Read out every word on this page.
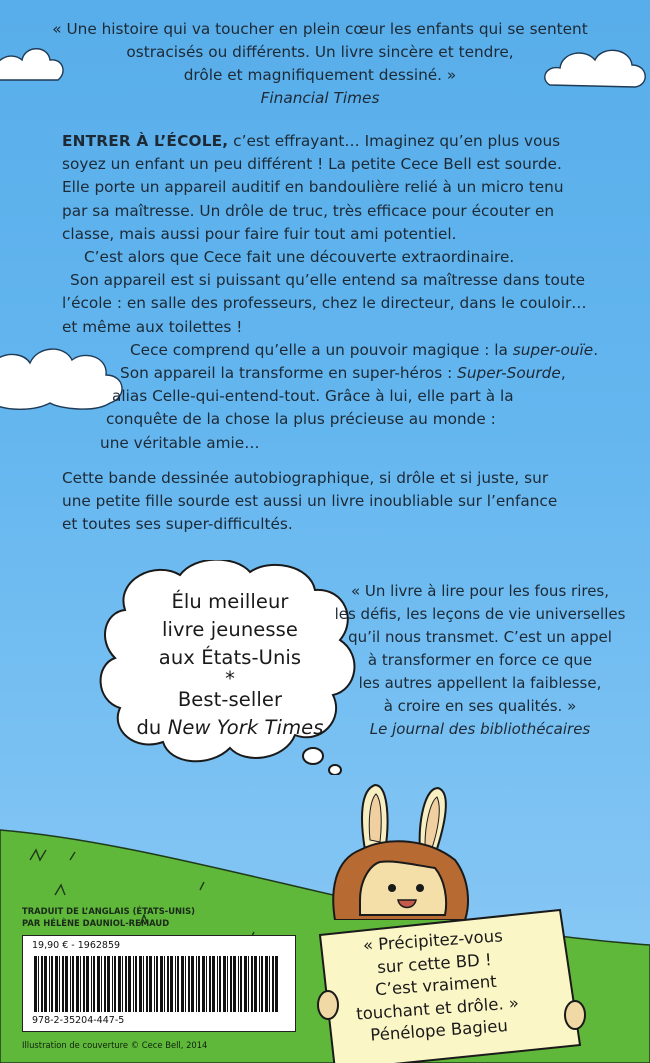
« Une histoire qui va toucher en plein cœur les enfants qui se sentent
ostracisés ou différents. Un livre sincère et tendre,
drôle et magnifiquement dessiné. »
Financial Times

ENTRER À L’ÉCOLE, c’est effrayant… Imaginez qu’en plus vous

soyez un enfant un peu différent ! La petite Cece Bell est sourde.

Elle porte un appareil auditif en bandoulière relié à un micro tenu

par sa maîtresse. Un drôle de truc, très efficace pour écouter en

classe, mais aussi pour faire fuir tout ami potentiel.

C’est alors que Cece fait une découverte extraordinaire.

Son appareil est si puissant qu’elle entend sa maîtresse dans toute

l’école : en salle des professeurs, chez le directeur, dans le couloir…

et même aux toilettes !

Cece comprend qu’elle a un pouvoir magique : la super-ouïe.

Son appareil la transforme en super-héros : Super-Sourde,

alias Celle-qui-entend-tout. Grâce à lui, elle part à la

conquête de la chose la plus précieuse au monde :

une véritable amie…

Cette bande dessinée autobiographique, si drôle et si juste, sur
une petite fille sourde est aussi un livre inoubliable sur l’enfance
et toutes ses super-difficultés.
Élu meilleur
livre jeunesse
aux États-Unis
*
Best-seller
du New York Times
« Un livre à lire pour les fous rires,
les défis, les leçons de vie universelles
qu’il nous transmet. C’est un appel
à transformer en force ce que
les autres appellent la faiblesse,
à croire en ses qualités. »
Le journal des bibliothécaires
« Précipitez-vous
sur cette BD !
C’est vraiment
touchant et drôle. »
Pénélope Bagieu
TRADUIT DE L’ANGLAIS (ÉTATS-UNIS)
PAR HÉLÈNE DAUNIOL-REMAUD
19,90 € - 1962859
978-2-35204-447-5
Illustration de couverture © Cece Bell, 2014
